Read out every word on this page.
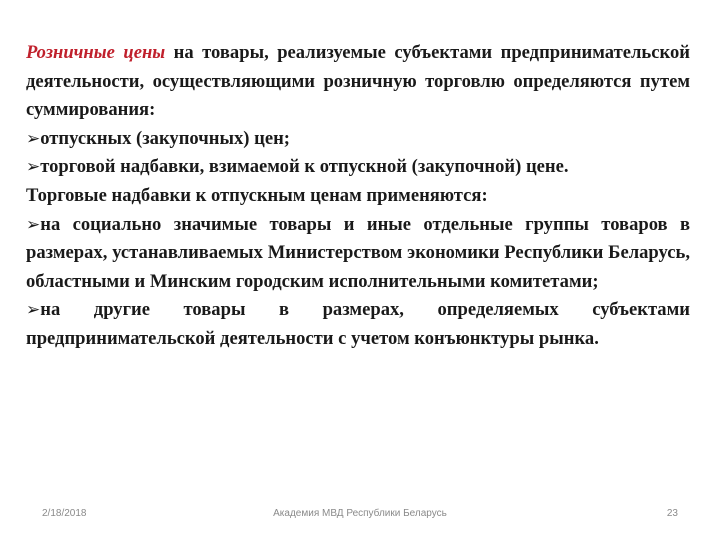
Розничные цены на товары, реализуемые субъектами предпринимательской деятельности, осуществляющими розничную торговлю определяются путем суммирования:

➢отпускных (закупочных) цен;

➢торговой надбавки, взимаемой к отпускной (закупочной) цене.

Торговые надбавки к отпускным ценам применяются:

➢на социально значимые товары и иные отдельные группы товаров в размерах, устанавливаемых Министерством экономики Республики Беларусь, областными и Минским городским исполнительными комитетами;

➢на другие товары в размерах, определяемых субъектами предпринимательской деятельности с учетом конъюнктуры рынка.

2/18/2018	Академия МВД Республики Беларусь	23
